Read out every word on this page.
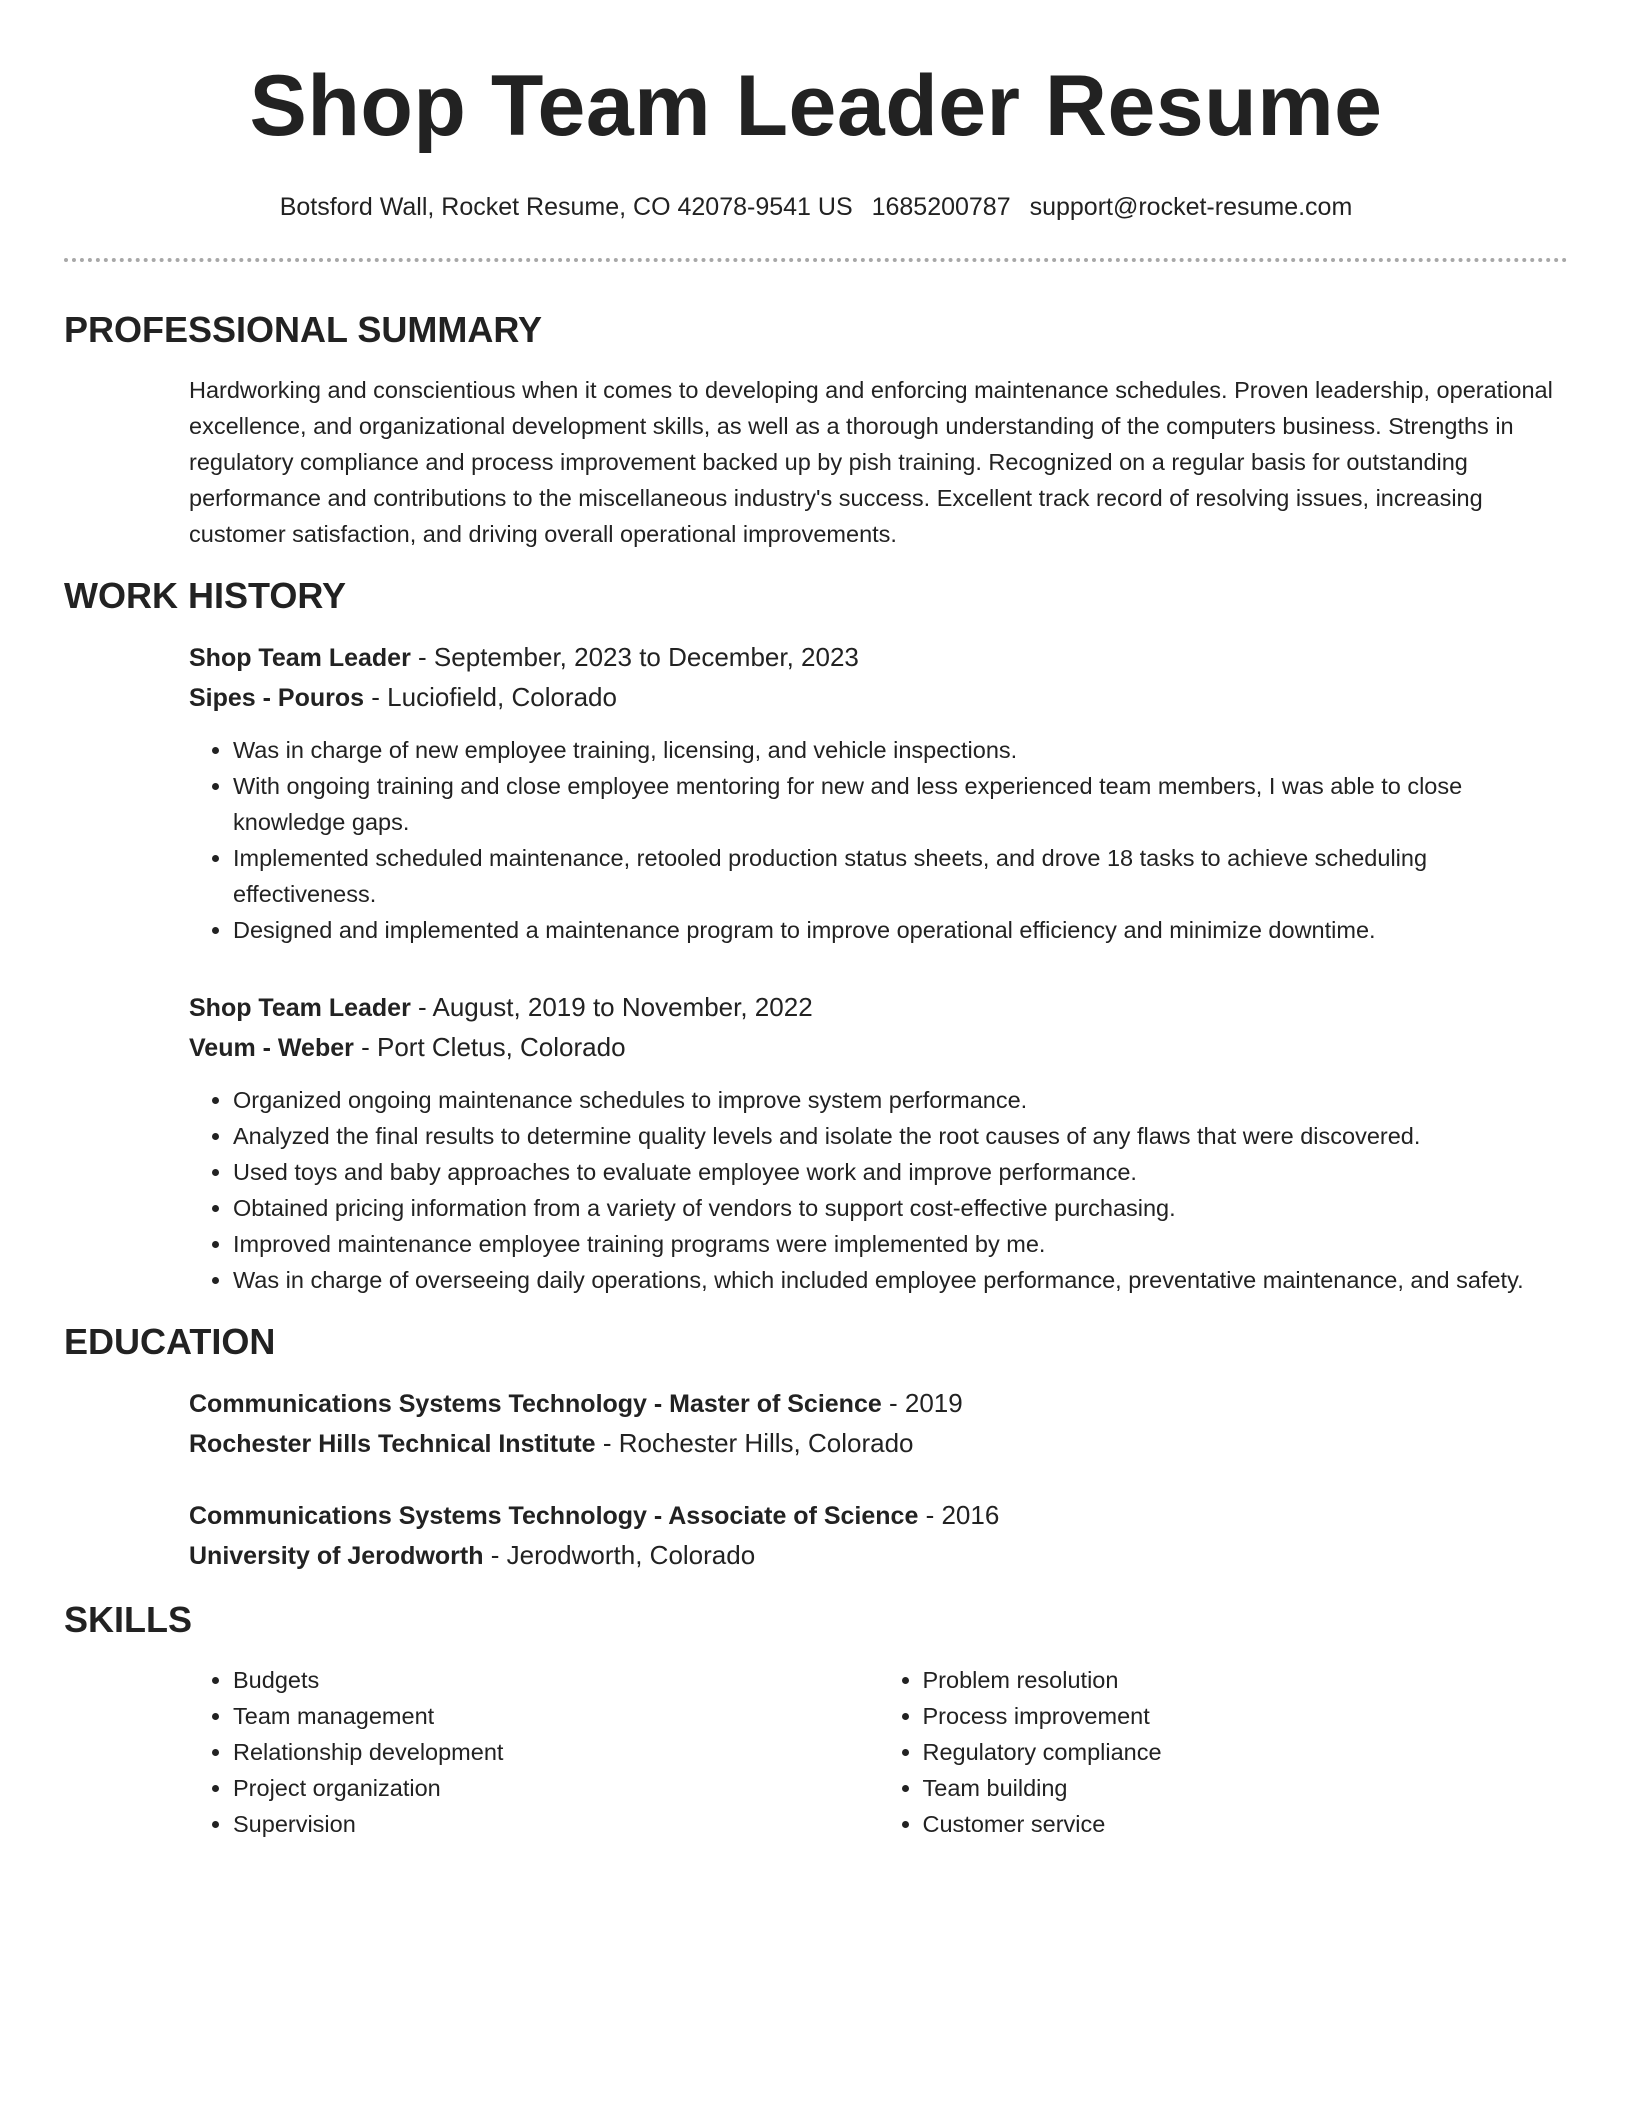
Shop Team Leader Resume
Botsford Wall, Rocket Resume, CO 42078-9541 US 1685200787 support@rocket-resume.com
PROFESSIONAL SUMMARY
Hardworking and conscientious when it comes to developing and enforcing maintenance schedules. Proven leadership, operational excellence, and organizational development skills, as well as a thorough understanding of the computers business. Strengths in regulatory compliance and process improvement backed up by pish training. Recognized on a regular basis for outstanding performance and contributions to the miscellaneous industry's success. Excellent track record of resolving issues, increasing customer satisfaction, and driving overall operational improvements.
WORK HISTORY
Shop Team Leader - September, 2023 to December, 2023
Sipes - Pouros - Luciofield, Colorado
• Was in charge of new employee training, licensing, and vehicle inspections.
• With ongoing training and close employee mentoring for new and less experienced team members, I was able to close knowledge gaps.
• Implemented scheduled maintenance, retooled production status sheets, and drove 18 tasks to achieve scheduling effectiveness.
• Designed and implemented a maintenance program to improve operational efficiency and minimize downtime.
Shop Team Leader - August, 2019 to November, 2022
Veum - Weber - Port Cletus, Colorado
• Organized ongoing maintenance schedules to improve system performance.
• Analyzed the final results to determine quality levels and isolate the root causes of any flaws that were discovered.
• Used toys and baby approaches to evaluate employee work and improve performance.
• Obtained pricing information from a variety of vendors to support cost-effective purchasing.
• Improved maintenance employee training programs were implemented by me.
• Was in charge of overseeing daily operations, which included employee performance, preventative maintenance, and safety.
EDUCATION
Communications Systems Technology - Master of Science - 2019
Rochester Hills Technical Institute - Rochester Hills, Colorado
Communications Systems Technology - Associate of Science - 2016
University of Jerodworth - Jerodworth, Colorado
SKILLS
• Budgets
• Team management
• Relationship development
• Project organization
• Supervision
• Problem resolution
• Process improvement
• Regulatory compliance
• Team building
• Customer service
